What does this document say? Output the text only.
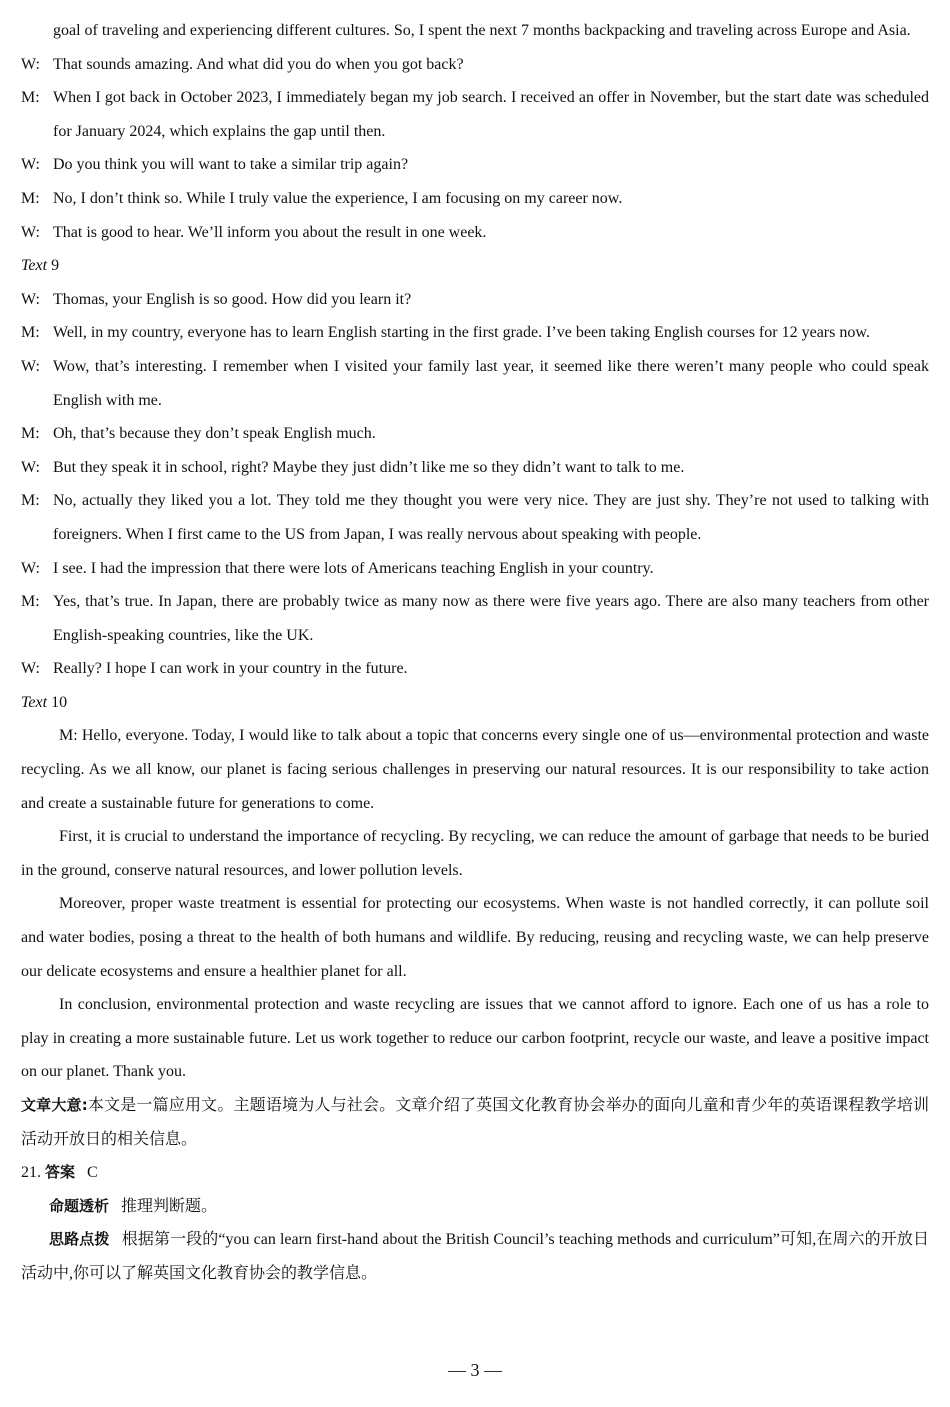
goal of traveling and experiencing different cultures. So, I spent the next 7 months backpacking and traveling across Europe and Asia.
W: That sounds amazing. And what did you do when you got back?
M: When I got back in October 2023, I immediately began my job search. I received an offer in November, but the start date was scheduled for January 2024, which explains the gap until then.
W: Do you think you will want to take a similar trip again?
M: No, I don’t think so. While I truly value the experience, I am focusing on my career now.
W: That is good to hear. We’ll inform you about the result in one week.
Text 9
W: Thomas, your English is so good. How did you learn it?
M: Well, in my country, everyone has to learn English starting in the first grade. I’ve been taking English courses for 12 years now.
W: Wow, that’s interesting. I remember when I visited your family last year, it seemed like there weren’t many people who could speak English with me.
M: Oh, that’s because they don’t speak English much.
W: But they speak it in school, right? Maybe they just didn’t like me so they didn’t want to talk to me.
M: No, actually they liked you a lot. They told me they thought you were very nice. They are just shy. They’re not used to talking with foreigners. When I first came to the US from Japan, I was really nervous about speaking with people.
W: I see. I had the impression that there were lots of Americans teaching English in your country.
M: Yes, that’s true. In Japan, there are probably twice as many now as there were five years ago. There are also many teachers from other English-speaking countries, like the UK.
W: Really? I hope I can work in your country in the future.
Text 10
M: Hello, everyone. Today, I would like to talk about a topic that concerns every single one of us—environmental protection and waste recycling. As we all know, our planet is facing serious challenges in preserving our natural resources. It is our responsibility to take action and create a sustainable future for generations to come.
First, it is crucial to understand the importance of recycling. By recycling, we can reduce the amount of garbage that needs to be buried in the ground, conserve natural resources, and lower pollution levels.
Moreover, proper waste treatment is essential for protecting our ecosystems. When waste is not handled correctly, it can pollute soil and water bodies, posing a threat to the health of both humans and wildlife. By reducing, reusing and recycling waste, we can help preserve our delicate ecosystems and ensure a healthier planet for all.
In conclusion, environmental protection and waste recycling are issues that we cannot afford to ignore. Each one of us has a role to play in creating a more sustainable future. Let us work together to reduce our carbon footprint, recycle our waste, and leave a positive impact on our planet. Thank you.
文章大意:本文是一篇应用文。主题语境为人与社会。文章介绍了英国文化教育协会举办的面向儿童和青少年的英语课程教学培训活动开放日的相关信息。
21. 答案 C
命题透析 推理判断题。
思路点拨 根据第一段的“you can learn first-hand about the British Council’s teaching methods and curriculum”可知,在周六的开放日活动中,你可以了解英国文化教育协会的教学信息。
— 3 —
